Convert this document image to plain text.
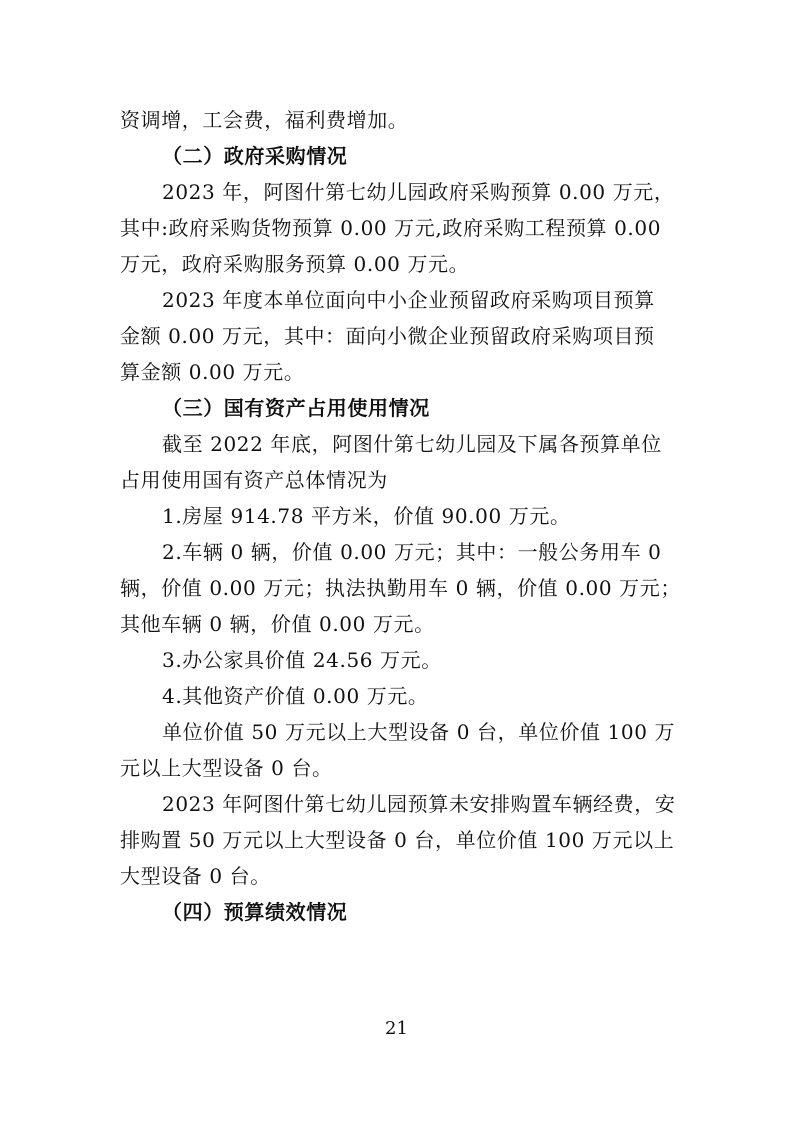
资调增，工会费，福利费增加。
（二）政府采购情况
2023 年，阿图什第七幼儿园政府采购预算 0.00 万元，
其中:政府采购货物预算 0.00 万元,政府采购工程预算 0.00
万元，政府采购服务预算 0.00 万元。
2023 年度本单位面向中小企业预留政府采购项目预算
金额 0.00 万元，其中：面向小微企业预留政府采购项目预
算金额 0.00 万元。
（三）国有资产占用使用情况
截至 2022 年底，阿图什第七幼儿园及下属各预算单位
占用使用国有资产总体情况为
1.房屋 914.78 平方米，价值 90.00 万元。
2.车辆 0 辆，价值 0.00 万元；其中：一般公务用车 0
辆，价值 0.00 万元；执法执勤用车 0 辆，价值 0.00 万元；
其他车辆 0 辆，价值 0.00 万元。
3.办公家具价值 24.56 万元。
4.其他资产价值 0.00 万元。
单位价值 50 万元以上大型设备 0 台，单位价值 100 万
元以上大型设备 0 台。
2023 年阿图什第七幼儿园预算未安排购置车辆经费，安
排购置 50 万元以上大型设备 0 台，单位价值 100 万元以上
大型设备 0 台。
（四）预算绩效情况
21
